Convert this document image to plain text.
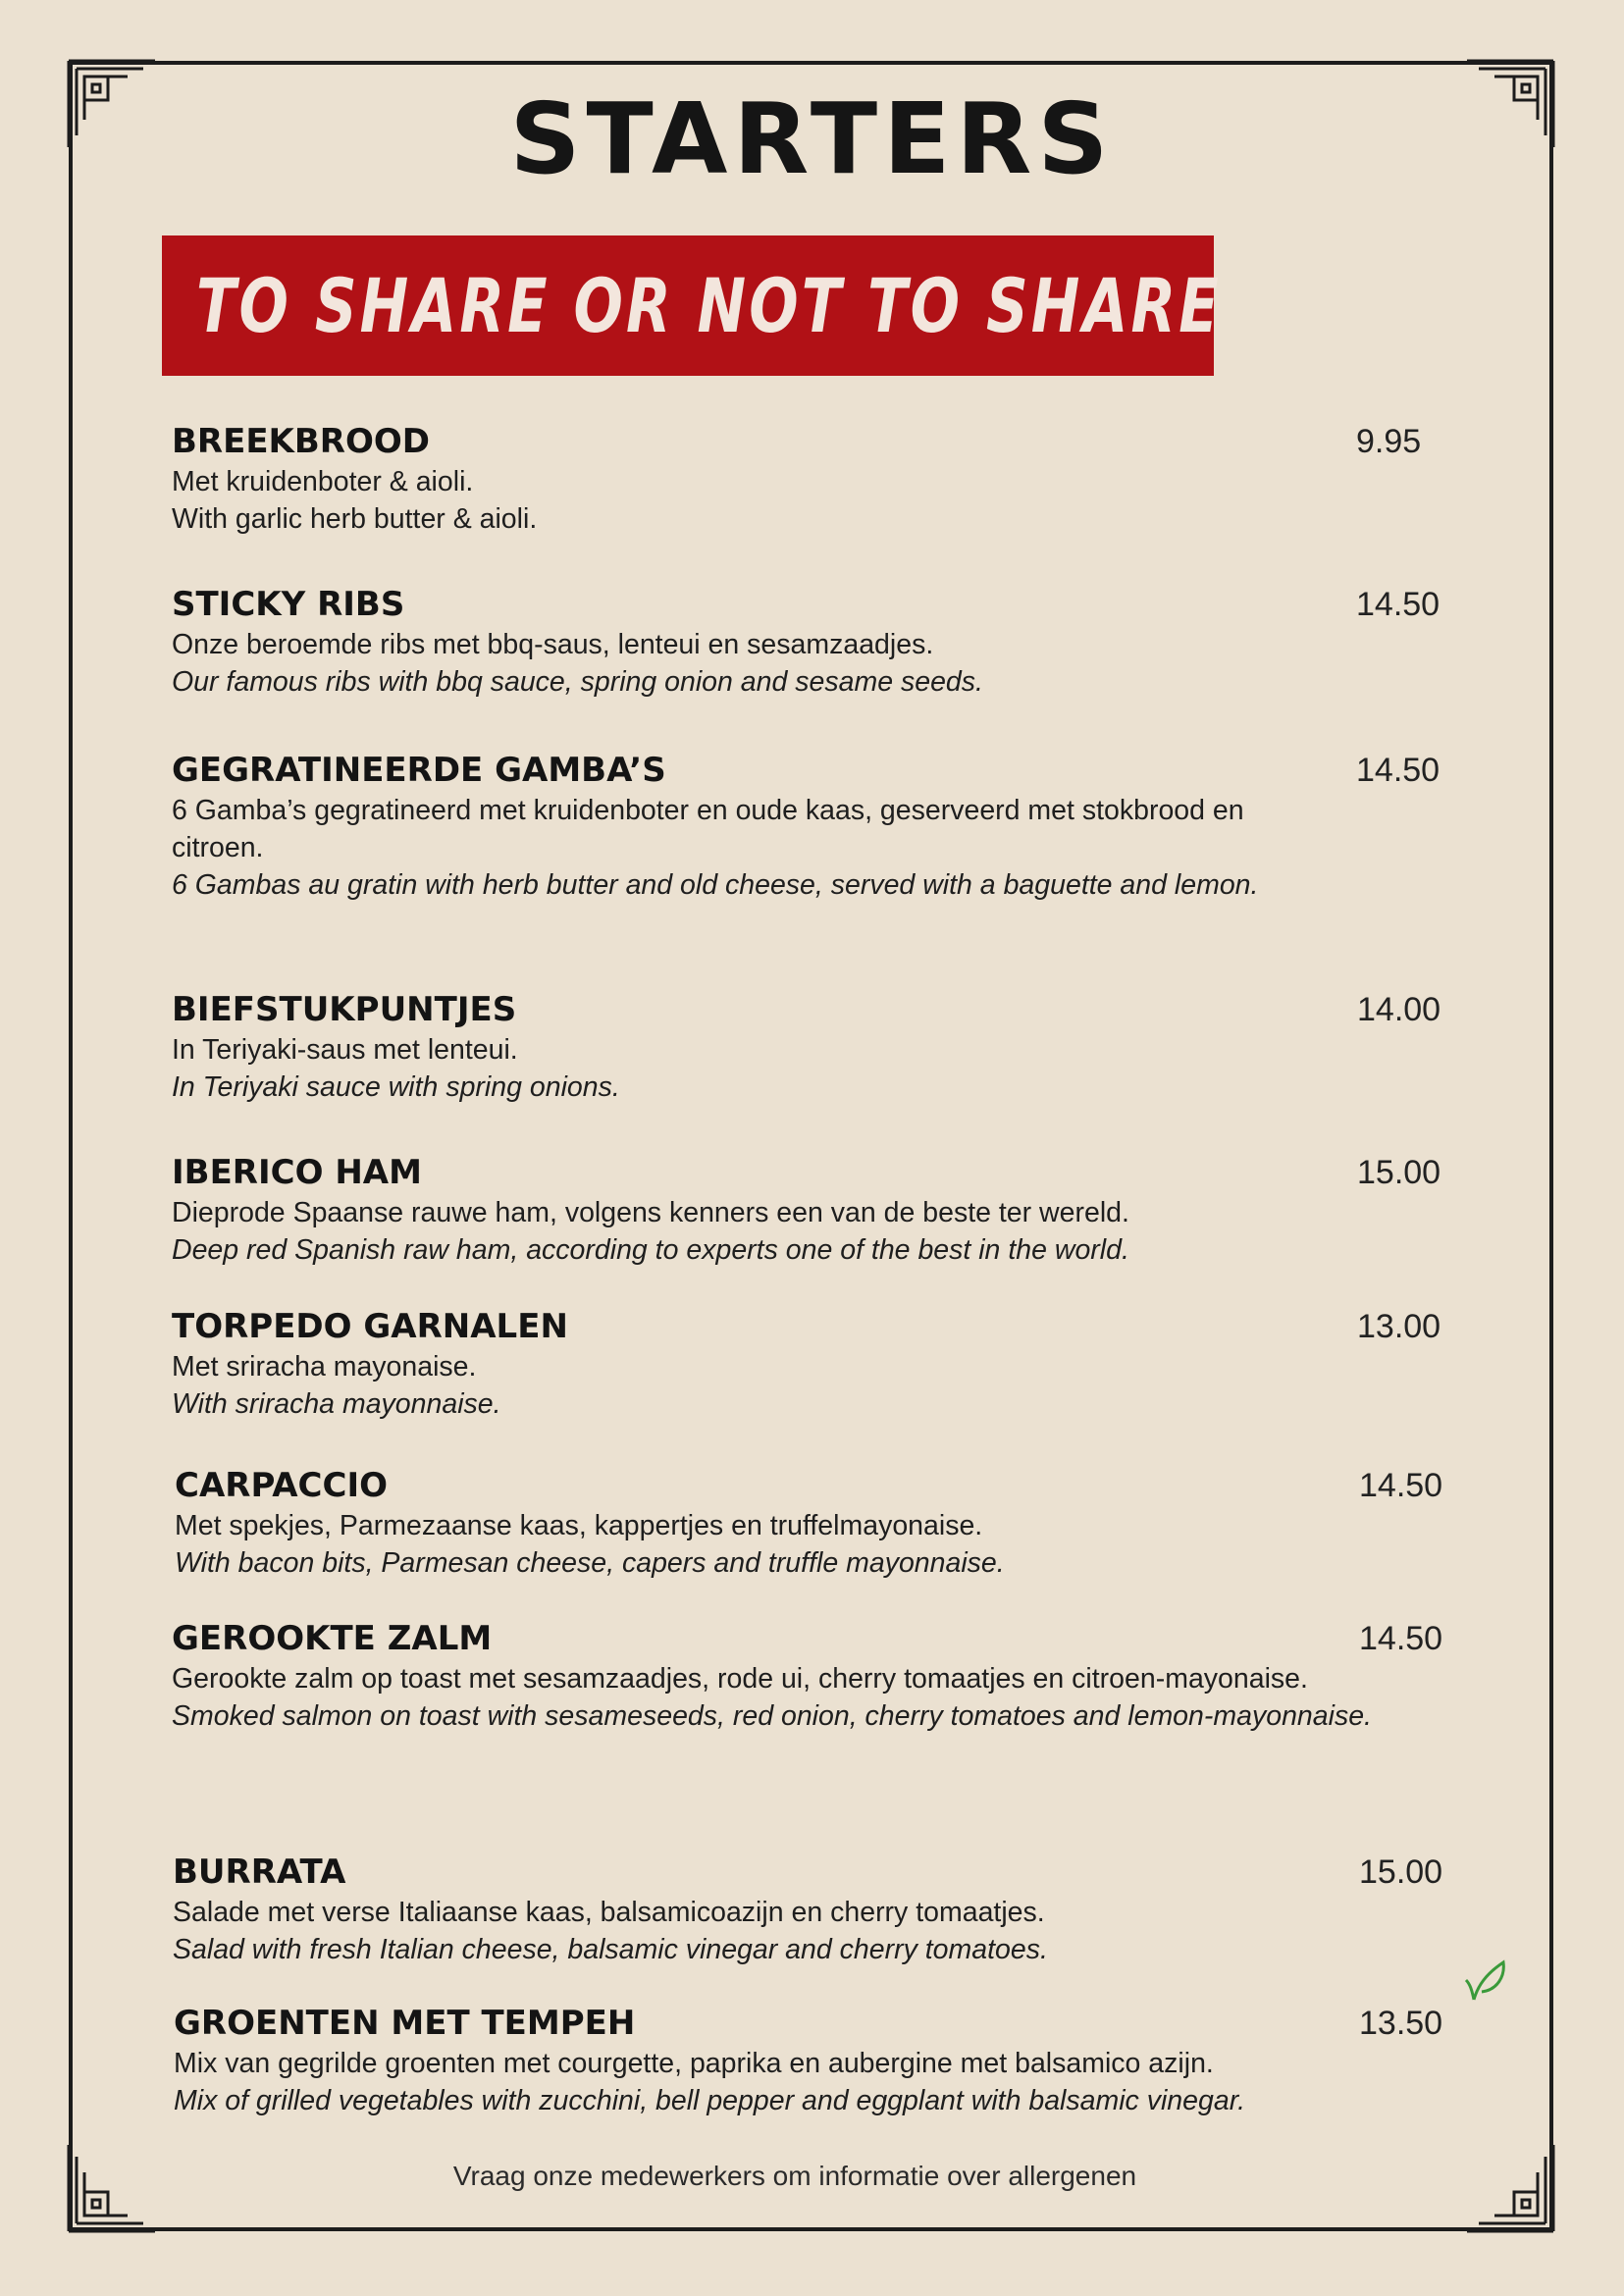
STARTERS
TO SHARE OR NOT TO SHARE
BREEKBROOD	9.95
Met kruidenboter & aioli.
With garlic herb butter & aioli.
STICKY RIBS	14.50
Onze beroemde ribs met bbq-saus, lenteui en sesamzaadjes.
Our famous ribs with bbq sauce, spring onion and sesame seeds.
GEGRATINEERDE GAMBA’S	14.50
6 Gamba’s gegratineerd met kruidenboter en oude kaas, geserveerd met stokbrood en citroen.
6 Gambas au gratin with herb butter and old cheese, served with a baguette and lemon.
BIEFSTUKPUNTJES	14.00
In Teriyaki-saus met lenteui.
In Teriyaki sauce with spring onions.
IBERICO HAM	15.00
Dieprode Spaanse rauwe ham, volgens kenners een van de beste ter wereld.
Deep red Spanish raw ham, according to experts one of the best in the world.
TORPEDO GARNALEN	13.00
Met sriracha mayonaise.
With sriracha mayonnaise.
CARPACCIO	14.50
Met spekjes, Parmezaanse kaas, kappertjes en truffelmayonaise.
With bacon bits, Parmesan cheese, capers and truffle mayonnaise.
GEROOKTE ZALM	14.50
Gerookte zalm op toast met sesamzaadjes, rode ui, cherry tomaatjes en citroen-mayonaise.
Smoked salmon on toast with sesameseeds, red onion, cherry tomatoes and lemon-mayonnaise.
BURRATA	15.00
Salade met verse Italiaanse kaas, balsamicoazijn en cherry tomaatjes.
Salad with fresh Italian cheese, balsamic vinegar and cherry tomatoes.
GROENTEN MET TEMPEH	13.50
Mix van gegrilde groenten met courgette, paprika en aubergine met balsamico azijn.
Mix of grilled vegetables with zucchini, bell pepper and eggplant with balsamic vinegar.
Vraag onze medewerkers om informatie over allergenen
